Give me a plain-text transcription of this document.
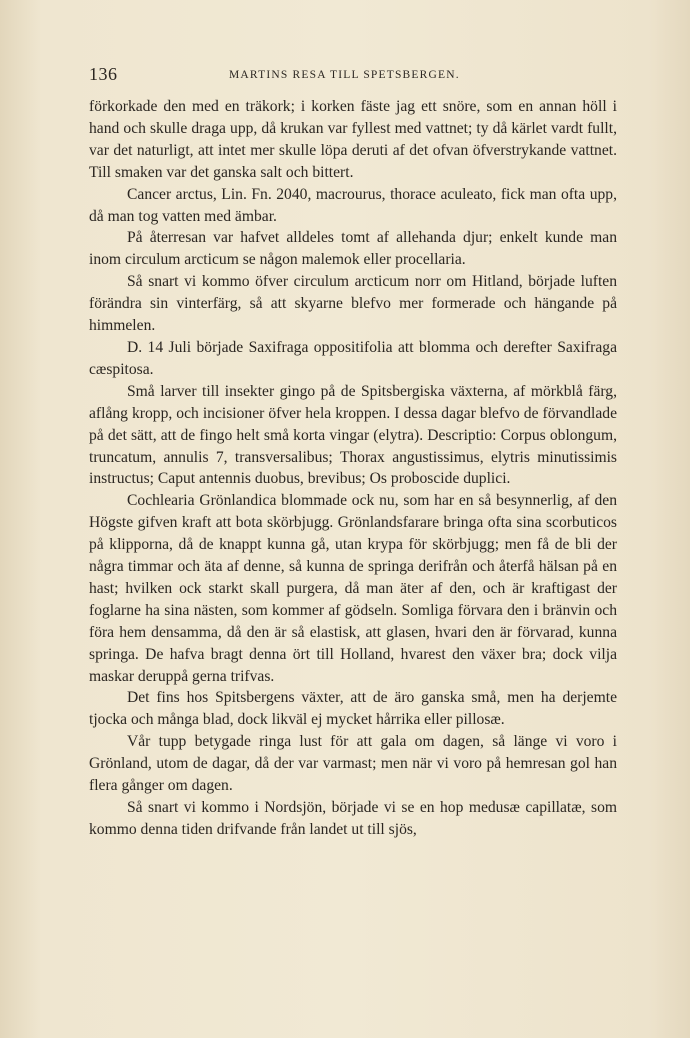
136	MARTINS RESA TILL SPETSBERGEN.

förkorkade den med en träkork; i korken fäste jag ett snöre, som en annan höll i hand och skulle draga upp, då krukan var fyllest med vattnet; ty då kärlet vardt fullt, var det naturligt, att intet mer skulle löpa deruti af det ofvan öfverstrykande vattnet. Till smaken var det ganska salt och bittert.

Cancer arctus, Lin. Fn. 2040, macrourus, thorace aculeato, fick man ofta upp, då man tog vatten med ämbar.

På återresan var hafvet alldeles tomt af allehanda djur; enkelt kunde man inom circulum arcticum se någon malemok eller procellaria.

Så snart vi kommo öfver circulum arcticum norr om Hitland, började luften förändra sin vinterfärg, så att skyarne blefvo mer formerade och hängande på himmelen.

D. 14 Juli började Saxifraga oppositifolia att blomma och derefter Saxifraga cæspitosa.

Små larver till insekter gingo på de Spitsbergiska växterna, af mörkblå färg, aflång kropp, och incisioner öfver hela kroppen. I dessa dagar blefvo de förvandlade på det sätt, att de fingo helt små korta vingar (elytra). Descriptio: Corpus oblongum, truncatum, annulis 7, transversalibus; Thorax angustissimus, elytris minutissimis instructus; Caput antennis duobus, brevibus; Os proboscide duplici.

Cochlearia Grönlandica blommade ock nu, som har en så besynnerlig, af den Högste gifven kraft att bota skörbjugg. Grönlandsfarare bringa ofta sina scorbuticos på klipporna, då de knappt kunna gå, utan krypa för skörbjugg; men få de bli der några timmar och äta af denne, så kunna de springa derifrån och återfå hälsan på en hast; hvilken ock starkt skall purgera, då man äter af den, och är kraftigast der foglarne ha sina nästen, som kommer af gödseln. Somliga förvara den i bränvin och föra hem densamma, då den är så elastisk, att glasen, hvari den är förvarad, kunna springa. De hafva bragt denna ört till Holland, hvarest den växer bra; dock vilja maskar deruppå gerna trifvas.

Det fins hos Spitsbergens växter, att de äro ganska små, men ha derjemte tjocka och många blad, dock likväl ej mycket hårrika eller pillosæ.

Vår tupp betygade ringa lust för att gala om dagen, så länge vi voro i Grönland, utom de dagar, då der var varmast; men när vi voro på hemresan gol han flera gånger om dagen.

Så snart vi kommo i Nordsjön, började vi se en hop medusæ capillatæ, som kommo denna tiden drifvande från landet ut till sjös,
